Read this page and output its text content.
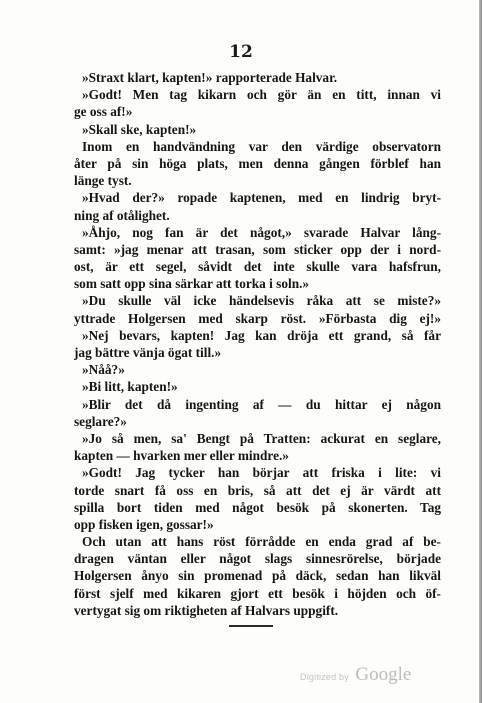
12
»Straxt klart, kapten!» rapporterade Halvar.
»Godt! Men tag kikarn och gör än en titt, innan vi
ge oss af!»
»Skall ske, kapten!»
Inom en handvändning var den värdige observatorn
åter på sin höga plats, men denna gången förblef han
länge tyst.
»Hvad der?» ropade kaptenen, med en lindrig bryt-
ning af otålighet.
»Åhjo, nog fan är det något,» svarade Halvar lång-
samt: »jag menar att trasan, som sticker opp der i nord-
ost, är ett segel, såvidt det inte skulle vara hafsfrun,
som satt opp sina särkar att torka i soln.»
»Du skulle väl icke händelsevis råka att se miste?»
yttrade Holgersen med skarp röst. »Förbasta dig ej!»
»Nej bevars, kapten! Jag kan dröja ett grand, så får
jag bättre vänja ögat till.»
»Nåå?»
»Bi litt, kapten!»
»Blir det då ingenting af — du hittar ej någon
seglare?»
»Jo så men, sa' Bengt på Tratten: ackurat en seglare,
kapten — hvarken mer eller mindre.»
»Godt! Jag tycker han börjar att friska i lite: vi
torde snart få oss en bris, så att det ej är värdt att
spilla bort tiden med något besök på skonerten. Tag
opp fisken igen, gossar!»
Och utan att hans röst förrådde en enda grad af be-
dragen väntan eller något slags sinnesrörelse, började
Holgersen ånyo sin promenad på däck, sedan han likväl
först sjelf med kikaren gjort ett besök i höjden och öf-
vertygat sig om riktigheten af Halvars uppgift.
Digitized by Google
